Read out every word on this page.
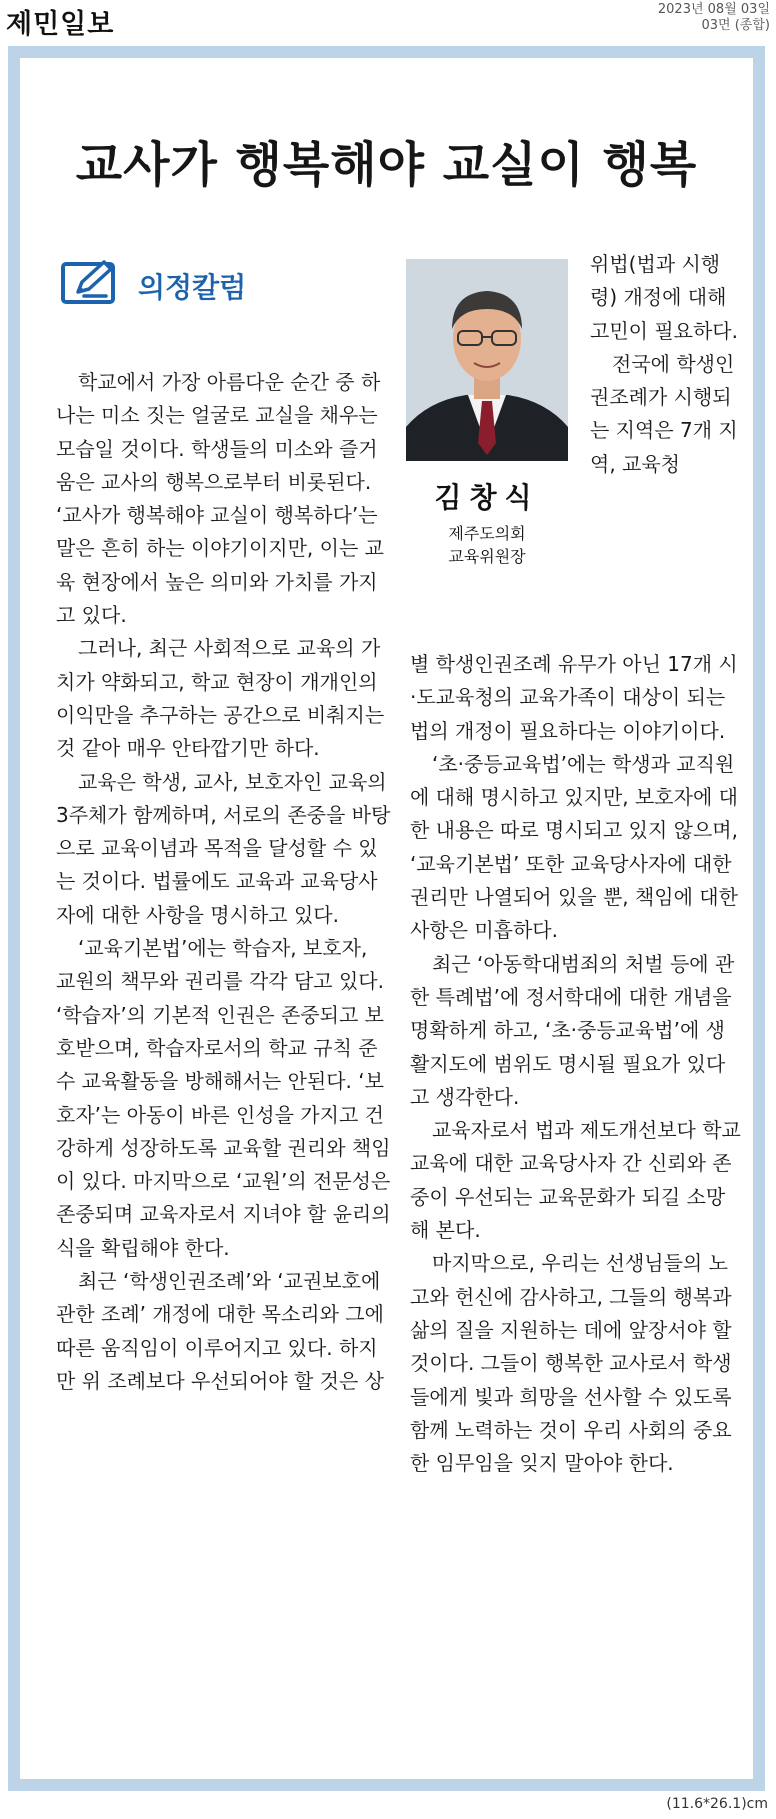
제민일보	2023년 08월 03일
03면 (종합)
교사가 행복해야 교실이 행복
의정칼럼
김창식
제주도의회
교육위원장

학교에서 가장 아름다운 순간 중 하나는 미소 짓는 얼굴로 교실을 채우는 모습일 것이다. 학생들의 미소와 즐거움은 교사의 행복으로부터 비롯된다. ‘교사가 행복해야 교실이 행복하다’는 말은 흔히 하는 이야기이지만, 이는 교육 현장에서 높은 의미와 가치를 가지고 있다.

그러나, 최근 사회적으로 교육의 가치가 약화되고, 학교 현장이 개개인의 이익만을 추구하는 공간으로 비춰지는 것 같아 매우 안타깝기만 하다.

교육은 학생, 교사, 보호자인 교육의 3주체가 함께하며, 서로의 존중을 바탕으로 교육이념과 목적을 달성할 수 있는 것이다. 법률에도 교육과 교육당사자에 대한 사항을 명시하고 있다.

‘교육기본법’에는 학습자, 보호자, 교원의 책무와 권리를 각각 담고 있다. ‘학습자’의 기본적 인권은 존중되고 보호받으며, 학습자로서의 학교 규칙 준수 교육활동을 방해해서는 안된다. ‘보호자’는 아동이 바른 인성을 가지고 건강하게 성장하도록 교육할 권리와 책임이 있다. 마지막으로 ‘교원’의 전문성은 존중되며 교육자로서 지녀야 할 윤리의식을 확립해야 한다.

최근 ‘학생인권조례’와 ‘교권보호에 관한 조례’ 개정에 대한 목소리와 그에 따른 움직임이 이루어지고 있다. 하지만 위 조례보다 우선되어야 할 것은 상

위법(법과 시행령) 개정에 대해 고민이 필요하다.

전국에 학생인권조례가 시행되는 지역은 7개 지역, 교육청

별 학생인권조례 유무가 아닌 17개 시·도교육청의 교육가족이 대상이 되는 법의 개정이 필요하다는 이야기이다.

‘초·중등교육법’에는 학생과 교직원에 대해 명시하고 있지만, 보호자에 대한 내용은 따로 명시되고 있지 않으며, ‘교육기본법’ 또한 교육당사자에 대한 권리만 나열되어 있을 뿐, 책임에 대한 사항은 미흡하다.

최근 ‘아동학대범죄의 처벌 등에 관한 특례법’에 정서학대에 대한 개념을 명확하게 하고, ‘초·중등교육법’에 생활지도에 범위도 명시될 필요가 있다고 생각한다.

교육자로서 법과 제도개선보다 학교 교육에 대한 교육당사자 간 신뢰와 존중이 우선되는 교육문화가 되길 소망해 본다.

마지막으로, 우리는 선생님들의 노고와 헌신에 감사하고, 그들의 행복과 삶의 질을 지원하는 데에 앞장서야 할 것이다. 그들이 행복한 교사로서 학생들에게 빛과 희망을 선사할 수 있도록 함께 노력하는 것이 우리 사회의 중요한 임무임을 잊지 말아야 한다.

(11.6*26.1)cm
